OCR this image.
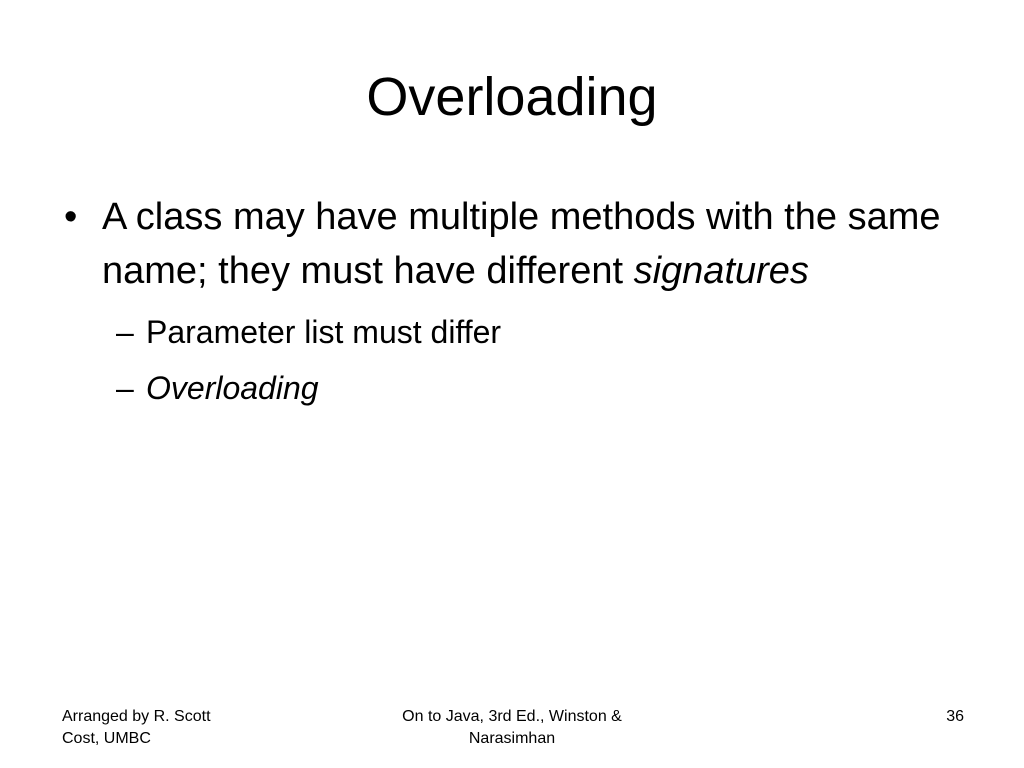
Overloading
• A class may have multiple methods with the same name; they must have different signatures
– Parameter list must differ
– Overloading
Arranged by R. Scott
Cost, UMBC
On to Java, 3rd Ed., Winston &
Narasimhan
36
